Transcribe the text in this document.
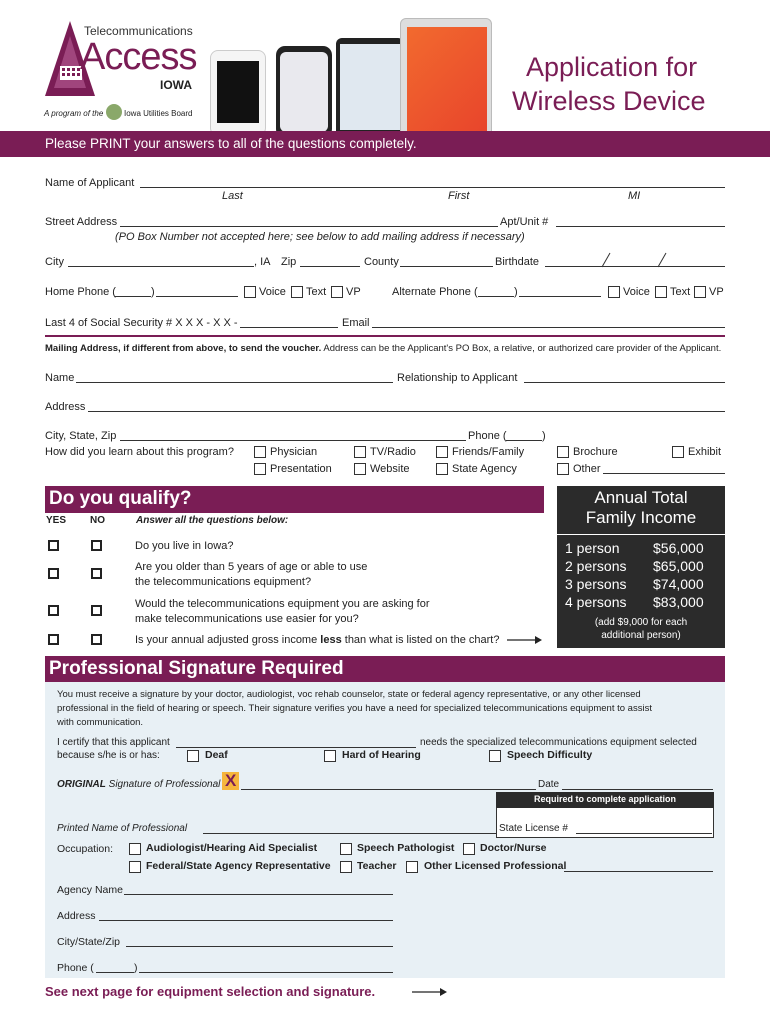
Telecommunications
Access
IOWA
A program of the	Iowa Utilities Board
Application for
Wireless Device
Please PRINT your answers to all of the questions completely.
Name of Applicant
Last	First	MI
Street Address	Apt/Unit #
(PO Box Number not accepted here; see below to add mailing address if necessary)
City	, IA Zip	County	Birthdate
Home Phone (	)	Voice Text VP	Alternate Phone (	)	Voice Text VP
Last 4 of Social Security # X X X - X X -	Email
Mailing Address, if different from above, to send the voucher. Address can be the Applicant's PO Box, a relative, or authorized care provider of the Applicant.
Name	Relationship to Applicant
Address
City, State, Zip	Phone (	)
How did you learn about this program?	Physician	TV/Radio	Friends/Family	Brochure	Exhibit
Presentation	Website	State Agency	Other
Do you qualify?
YES NO	Answer all the questions below:
Do you live in Iowa?
Are you older than 5 years of age or able to use
the telecommunications equipment?
Would the telecommunications equipment you are asking for
make telecommunications use easier for you?
Is your annual adjusted gross income less than what is listed on the chart?
Annual Total
Family Income
1 person $56,000
2 persons $65,000
3 persons $74,000
4 persons $83,000
(add $9,000 for each
additional person)
Professional Signature Required
You must receive a signature by your doctor, audiologist, voc rehab counselor, state or federal agency representative, or any other licensed
professional in the field of hearing or speech. Their signature verifies you have a need for specialized telecommunications equipment to assist
with communication.
I certify that this applicant	needs the specialized telecommunications equipment selected
because s/he is or has:	Deaf	Hard of Hearing	Speech Difficulty
ORIGINAL Signature of Professional X	Date
Required to complete application
Printed Name of Professional	State License #
Occupation:	Audiologist/Hearing Aid Specialist	Speech Pathologist Doctor/Nurse
Federal/State Agency Representative	Teacher	Other Licensed Professional
Agency Name
Address
City/State/Zip
Phone (	)
See next page for equipment selection and signature.
